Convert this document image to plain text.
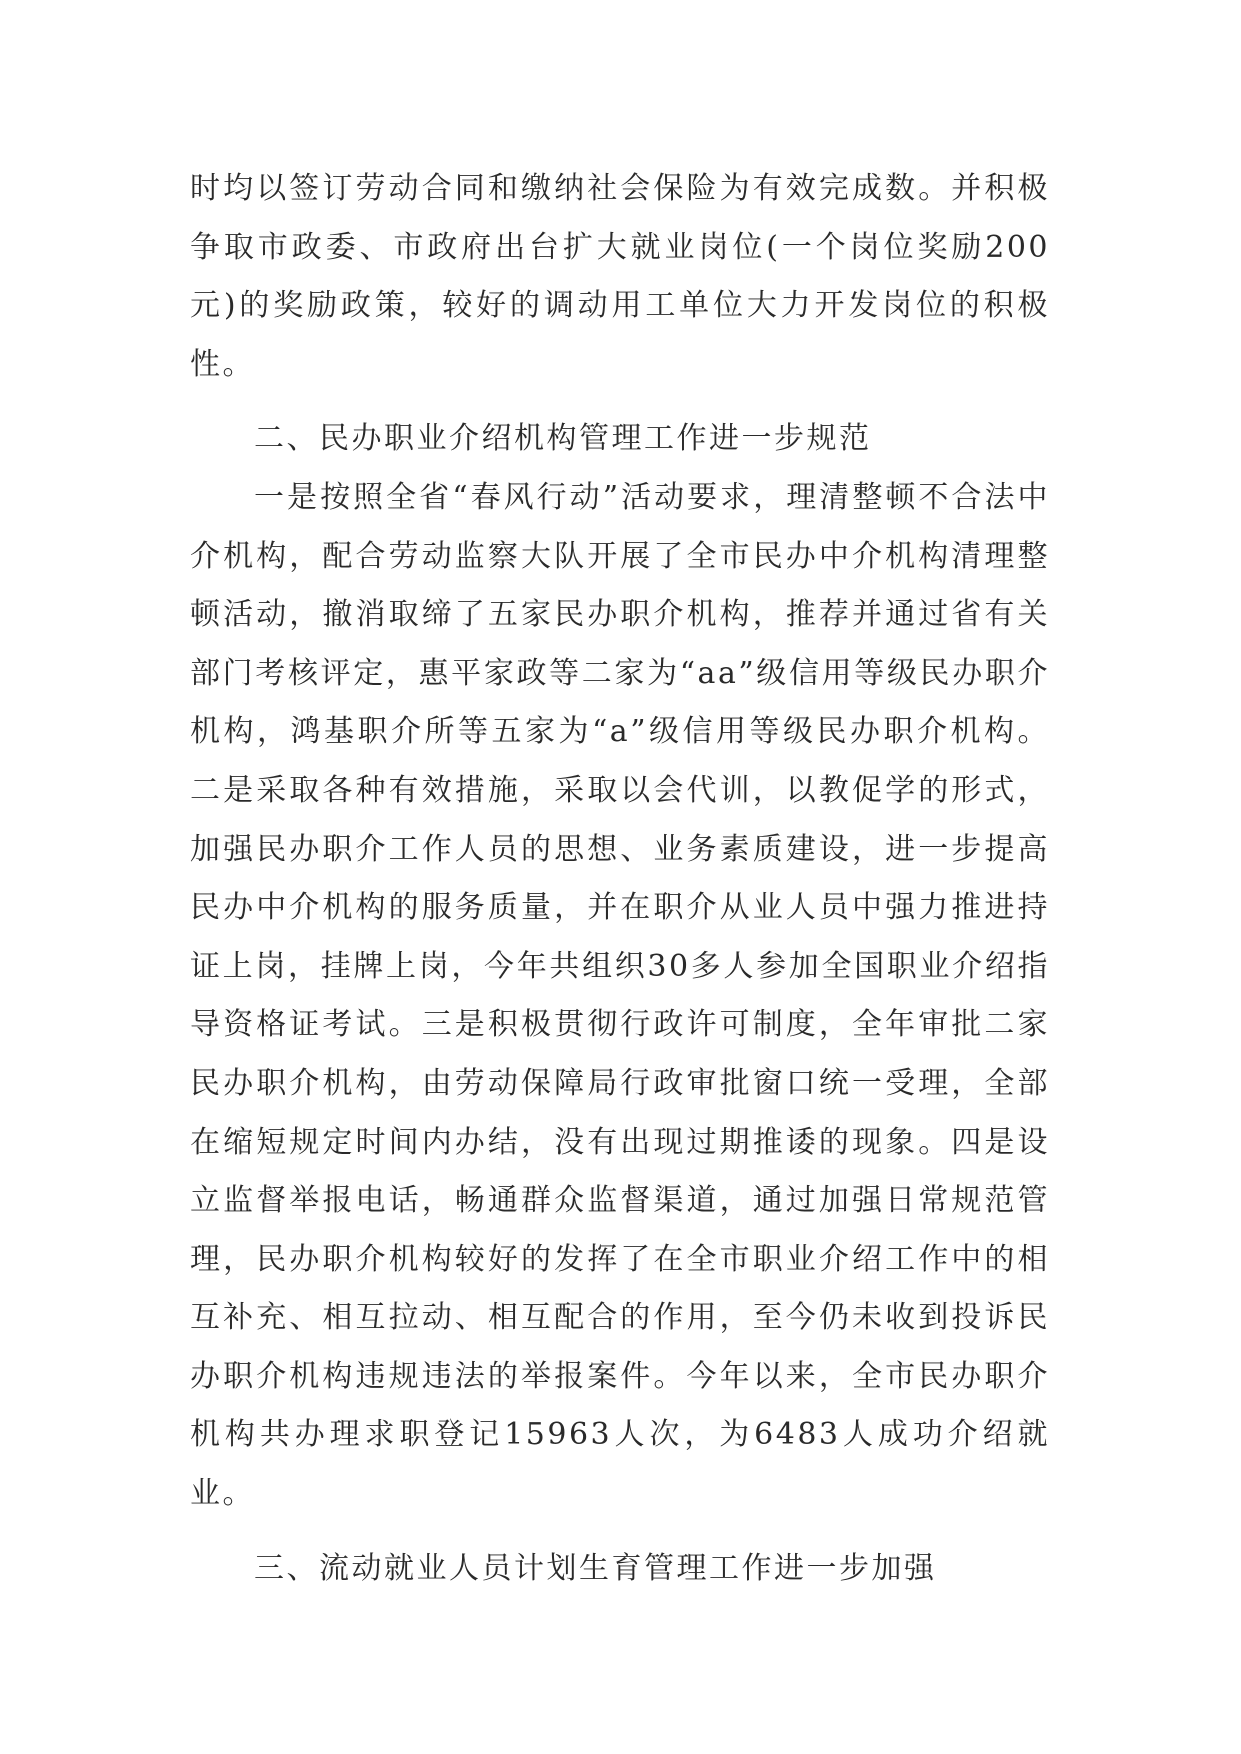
时均以签订劳动合同和缴纳社会保险为有效完成数。并积极争取市政委、市政府出台扩大就业岗位(一个岗位奖励200元)的奖励政策，较好的调动用工单位大力开发岗位的积极性。

二、民办职业介绍机构管理工作进一步规范

一是按照全省“春风行动”活动要求，理清整顿不合法中介机构，配合劳动监察大队开展了全市民办中介机构清理整顿活动，撤消取缔了五家民办职介机构，推荐并通过省有关部门考核评定，惠平家政等二家为“aa”级信用等级民办职介机构，鸿基职介所等五家为“a”级信用等级民办职介机构。二是采取各种有效措施，采取以会代训，以教促学的形式，加强民办职介工作人员的思想、业务素质建设，进一步提高民办中介机构的服务质量，并在职介从业人员中强力推进持证上岗，挂牌上岗，今年共组织30多人参加全国职业介绍指导资格证考试。三是积极贯彻行政许可制度，全年审批二家民办职介机构，由劳动保障局行政审批窗口统一受理，全部在缩短规定时间内办结，没有出现过期推诿的现象。四是设立监督举报电话，畅通群众监督渠道，通过加强日常规范管理，民办职介机构较好的发挥了在全市职业介绍工作中的相互补充、相互拉动、相互配合的作用，至今仍未收到投诉民办职介机构违规违法的举报案件。今年以来，全市民办职介机构共办理求职登记15963人次，为6483人成功介绍就业。

三、流动就业人员计划生育管理工作进一步加强
